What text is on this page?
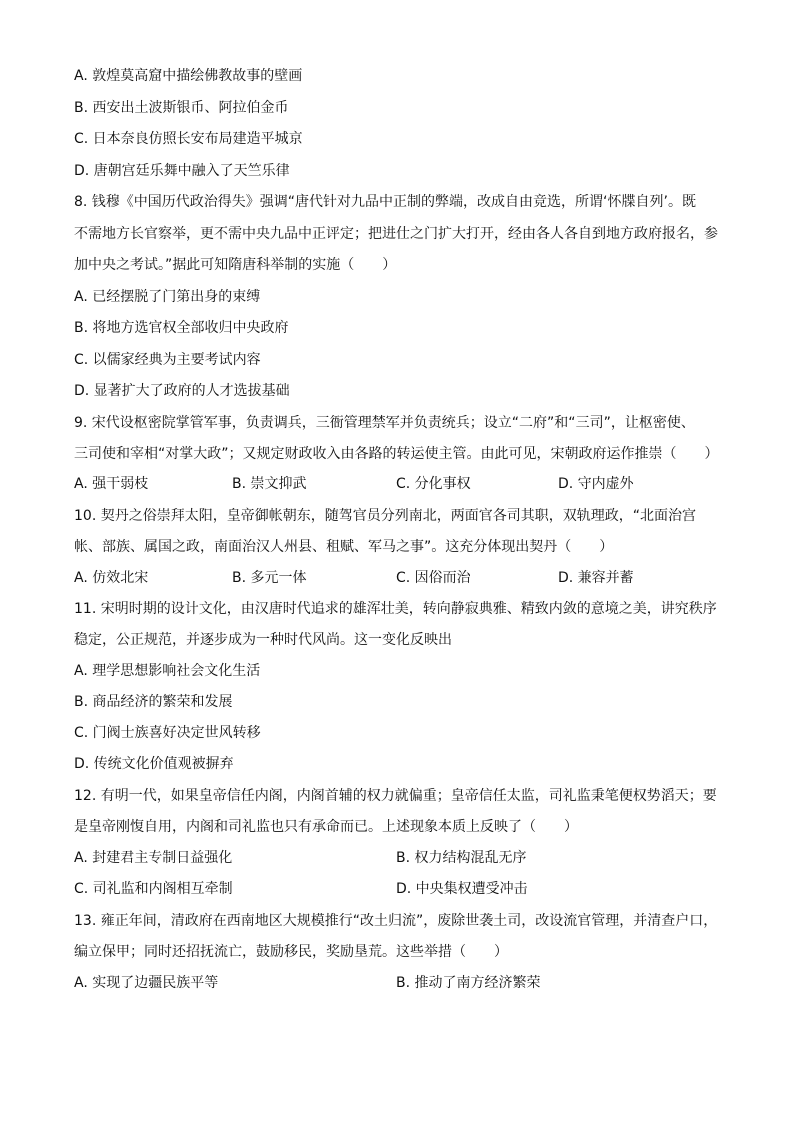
A. 敦煌莫高窟中描绘佛教故事的壁画
B. 西安出土波斯银币、阿拉伯金币
C. 日本奈良仿照长安布局建造平城京
D. 唐朝宫廷乐舞中融入了天竺乐律
8. 钱穆《中国历代政治得失》强调“唐代针对九品中正制的弊端，改成自由竞选，所谓‘怀牒自列’。既
不需地方长官察举，更不需中央九品中正评定；把进仕之门扩大打开，经由各人各自到地方政府报名，参
加中央之考试。”据此可知隋唐科举制的实施（　　）
A. 已经摆脱了门第出身的束缚
B. 将地方选官权全部收归中央政府
C. 以儒家经典为主要考试内容
D. 显著扩大了政府的人才选拔基础
9. 宋代设枢密院掌管军事，负责调兵，三衙管理禁军并负责统兵；设立“二府”和“三司”，让枢密使、
三司使和宰相“对掌大政”；又规定财政收入由各路的转运使主管。由此可见，宋朝政府运作推崇（　　）
A. 强干弱枝	B. 崇文抑武	C. 分化事权	D. 守内虚外
10. 契丹之俗崇拜太阳，皇帝御帐朝东，随驾官员分列南北，两面官各司其职，双轨理政，“北面治宫
帐、部族、属国之政，南面治汉人州县、租赋、军马之事”。这充分体现出契丹（　　）
A. 仿效北宋	B. 多元一体	C. 因俗而治	D. 兼容并蓄
11. 宋明时期的设计文化，由汉唐时代追求的雄浑壮美，转向静寂典雅、精致内敛的意境之美，讲究秩序
稳定，公正规范，并逐步成为一种时代风尚。这一变化反映出
A. 理学思想影响社会文化生活
B. 商品经济的繁荣和发展
C. 门阀士族喜好决定世风转移
D. 传统文化价值观被摒弃
12. 有明一代，如果皇帝信任内阁，内阁首辅的权力就偏重；皇帝信任太监，司礼监秉笔便权势滔天；要
是皇帝刚愎自用，内阁和司礼监也只有承命而已。上述现象本质上反映了（　　）
A. 封建君主专制日益强化	B. 权力结构混乱无序
C. 司礼监和内阁相互牵制	D. 中央集权遭受冲击
13. 雍正年间，清政府在西南地区大规模推行“改土归流”，废除世袭土司，改设流官管理，并清查户口，
编立保甲；同时还招抚流亡，鼓励移民，奖励垦荒。这些举措（　　）
A. 实现了边疆民族平等	B. 推动了南方经济繁荣
